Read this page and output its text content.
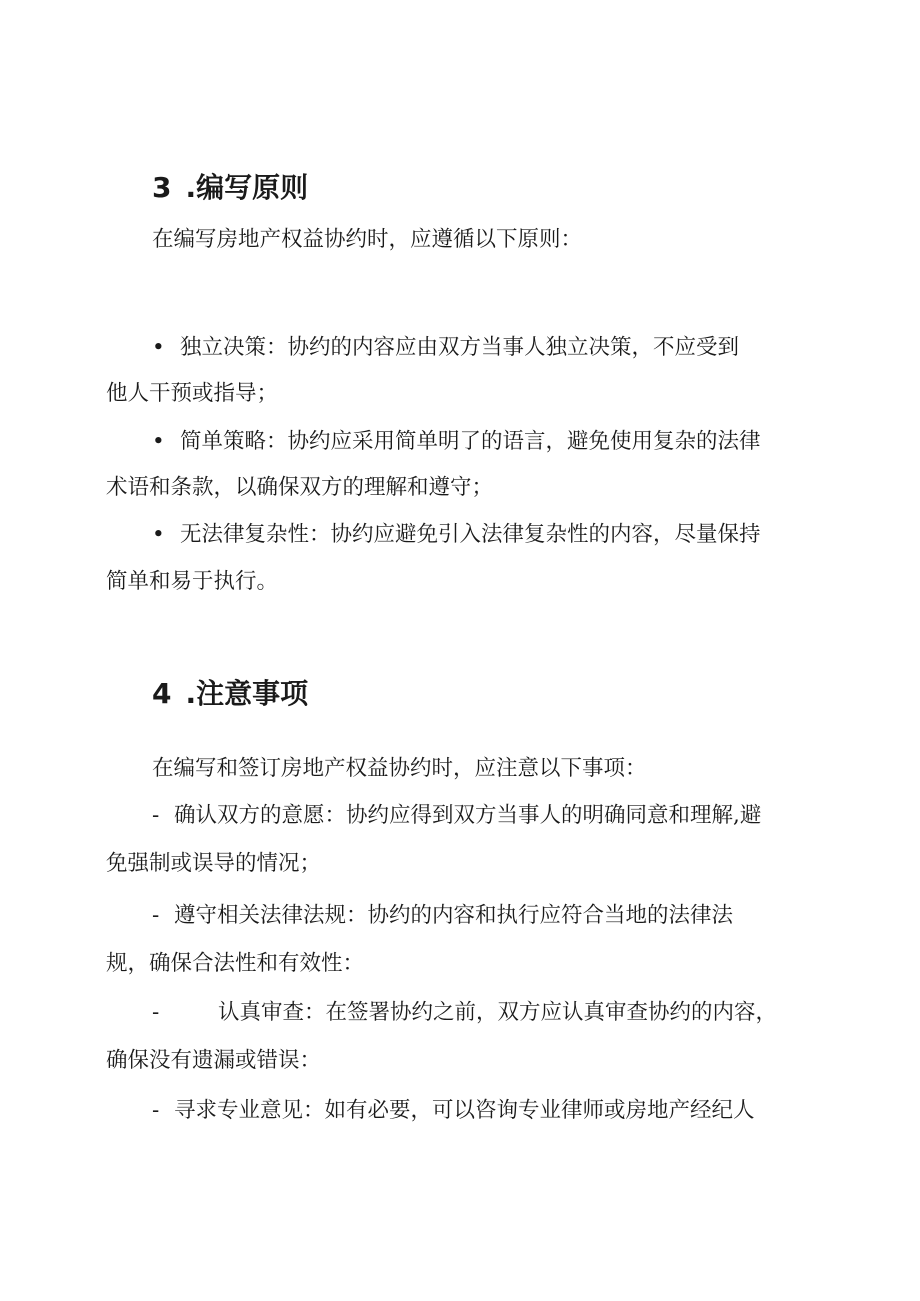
3 .编写原则

在编写房地产权益协约时，应遵循以下原则：

• 独立决策：协约的内容应由双方当事人独立决策，不应受到

他人干预或指导；

• 简单策略：协约应采用简单明了的语言，避免使用复杂的法律

术语和条款，以确保双方的理解和遵守；

• 无法律复杂性：协约应避免引入法律复杂性的内容，尽量保持

简单和易于执行。

4 .注意事项

在编写和签订房地产权益协约时，应注意以下事项：

- 确认双方的意愿：协约应得到双方当事人的明确同意和理解,避

免强制或误导的情况；

- 遵守相关法律法规：协约的内容和执行应符合当地的法律法

规，确保合法性和有效性：

-	认真审查：在签署协约之前，双方应认真审查协约的内容，

确保没有遗漏或错误：

- 寻求专业意见：如有必要，可以咨询专业律师或房地产经纪人
